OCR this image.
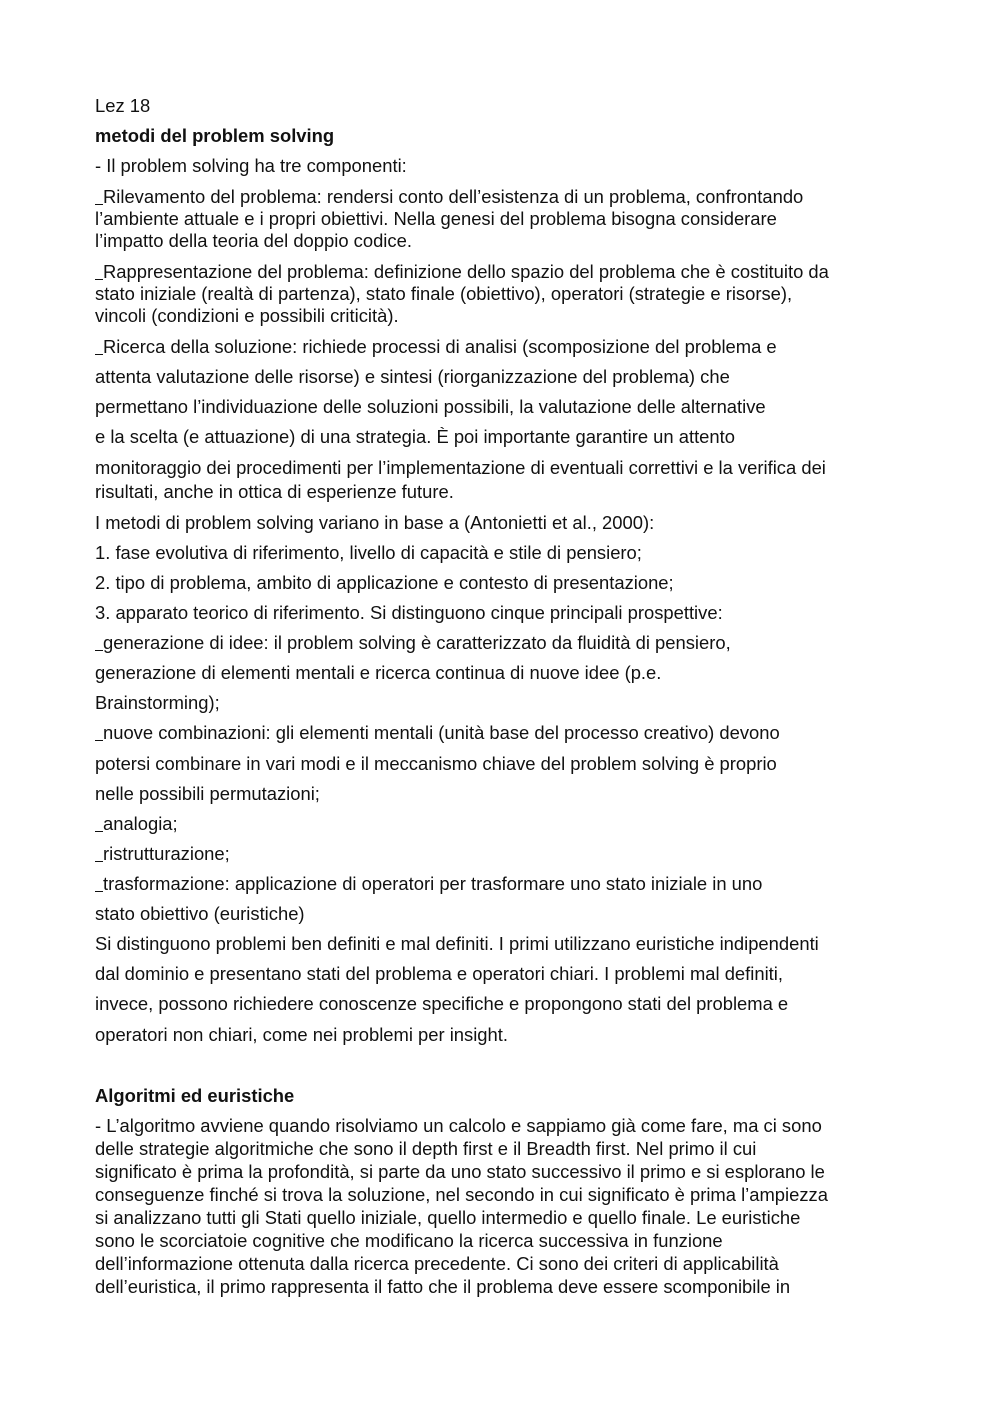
Lez 18
metodi del problem solving
- Il problem solving ha tre componenti:
Rilevamento del problema: rendersi conto dell’esistenza di un problema, confrontando
l’ambiente attuale e i propri obiettivi. Nella genesi del problema bisogna considerare
l’impatto della teoria del doppio codice.
Rappresentazione del problema: definizione dello spazio del problema che è costituito da
stato iniziale (realtà di partenza), stato finale (obiettivo), operatori (strategie e risorse),
vincoli (condizioni e possibili criticità).
Ricerca della soluzione: richiede processi di analisi (scomposizione del problema e
attenta valutazione delle risorse) e sintesi (riorganizzazione del problema) che
permettano l’individuazione delle soluzioni possibili, la valutazione delle alternative
e la scelta (e attuazione) di una strategia. È poi importante garantire un attento
monitoraggio dei procedimenti per l’implementazione di eventuali correttivi e la verifica dei
risultati, anche in ottica di esperienze future.
I metodi di problem solving variano in base a (Antonietti et al., 2000):
1. fase evolutiva di riferimento, livello di capacità e stile di pensiero;
2. tipo di problema, ambito di applicazione e contesto di presentazione;
3. apparato teorico di riferimento. Si distinguono cinque principali prospettive:
generazione di idee: il problem solving è caratterizzato da fluidità di pensiero,
generazione di elementi mentali e ricerca continua di nuove idee (p.e.
Brainstorming);
nuove combinazioni: gli elementi mentali (unità base del processo creativo) devono
potersi combinare in vari modi e il meccanismo chiave del problem solving è proprio
nelle possibili permutazioni;
analogia;
ristrutturazione;
trasformazione: applicazione di operatori per trasformare uno stato iniziale in uno
stato obiettivo (euristiche)
Si distinguono problemi ben definiti e mal definiti. I primi utilizzano euristiche indipendenti
dal dominio e presentano stati del problema e operatori chiari. I problemi mal definiti,
invece, possono richiedere conoscenze specifiche e propongono stati del problema e
operatori non chiari, come nei problemi per insight.
Algoritmi ed euristiche
- L’algoritmo avviene quando risolviamo un calcolo e sappiamo già come fare, ma ci sono
delle strategie algoritmiche che sono il depth first e il Breadth first. Nel primo il cui
significato è prima la profondità, si parte da uno stato successivo il primo e si esplorano le
conseguenze finché si trova la soluzione, nel secondo in cui significato è prima l’ampiezza
si analizzano tutti gli Stati quello iniziale, quello intermedio e quello finale. Le euristiche
sono le scorciatoie cognitive che modificano la ricerca successiva in funzione
dell’informazione ottenuta dalla ricerca precedente. Ci sono dei criteri di applicabilità
dell’euristica, il primo rappresenta il fatto che il problema deve essere scomponibile in
